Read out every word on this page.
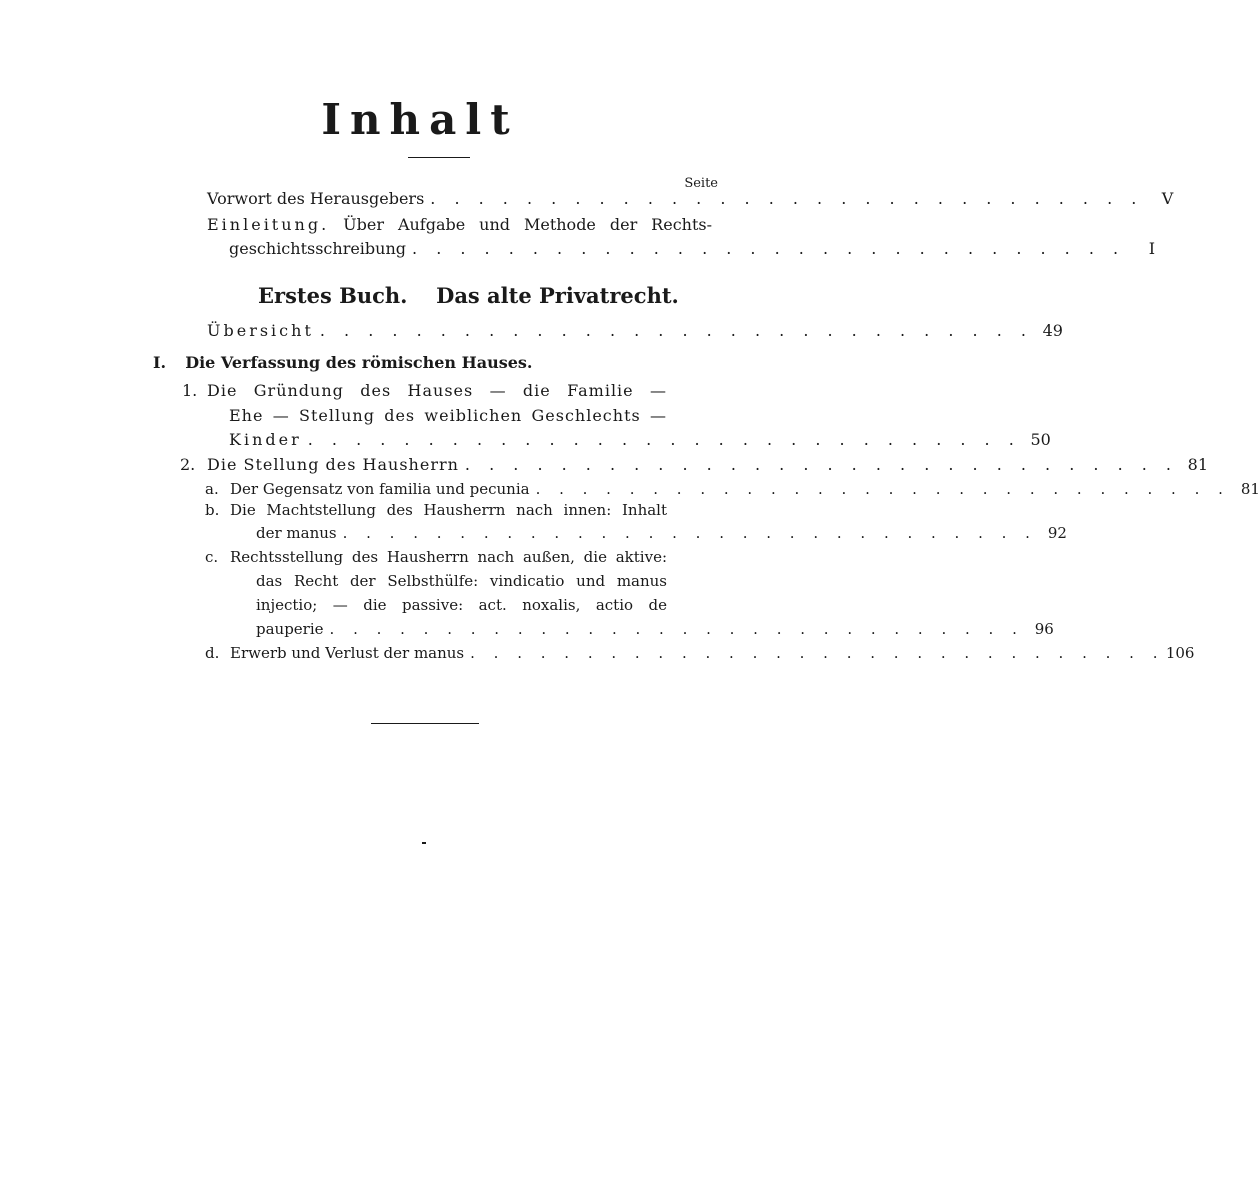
Inhalt
Seite
Vorwort des Herausgebers . . . . . . . . . . . . . . . . . . . . . . . . . . . . . .	V
Einleitung. Über Aufgabe und Methode der Rechts-
geschichtsschreibung . . . . . . . . . . . . . . . . . . . . . . . . . . . . . .	I
Erstes Buch. Das alte Privatrecht.
Übersicht . . . . . . . . . . . . . . . . . . . . . . . . . . . . . . 49
I. Die Verfassung des römischen Hauses.
1. Die Gründung des Hauses — die Familie —
Ehe — Stellung des weiblichen Geschlechts —
Kinder . . . . . . . . . . . . . . . . . . . . . . . . . . . . . . 50
2. Die Stellung des Hausherrn . . . . . . . . . . . . . . . . . . . . . . . . . . . . . . 81
a. Der Gegensatz von familia und pecunia . . . . . . . . . . . . . . . . . . . . . . . . . . . . . . 81
b. Die Machtstellung des Hausherrn nach innen: Inhalt
der manus . . . . . . . . . . . . . . . . . . . . . . . . . . . . . . 92
c. Rechtsstellung des Hausherrn nach außen, die aktive:
das Recht der Selbsthülfe: vindicatio und manus
injectio; — die passive: act. noxalis, actio de
pauperie . . . . . . . . . . . . . . . . . . . . . . . . . . . . . . 96
d. Erwerb und Verlust der manus . . . . . . . . . . . . . . . . . . . . . . . . . . . . . . 106
